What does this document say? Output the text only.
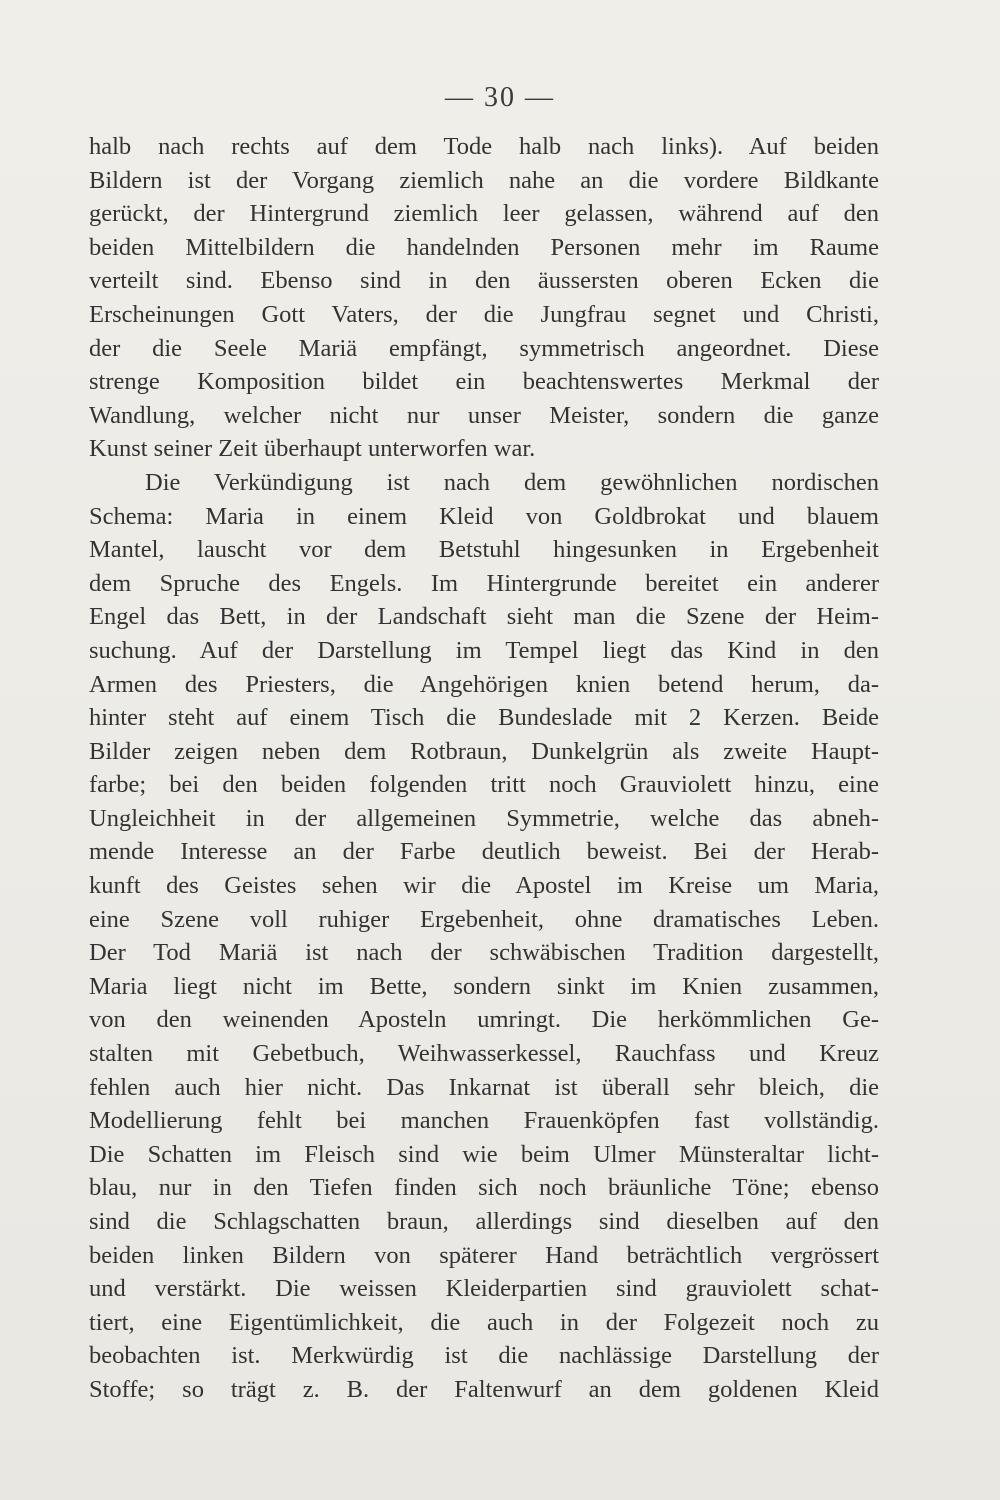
— 30 —
halb nach rechts auf dem Tode halb nach links). Auf beiden
Bildern ist der Vorgang ziemlich nahe an die vordere Bildkante
gerückt, der Hintergrund ziemlich leer gelassen, während auf den
beiden Mittelbildern die handelnden Personen mehr im Raume
verteilt sind. Ebenso sind in den äussersten oberen Ecken die
Erscheinungen Gott Vaters, der die Jungfrau segnet und Christi,
der die Seele Mariä empfängt, symmetrisch angeordnet. Diese
strenge Komposition bildet ein beachtenswertes Merkmal der
Wandlung, welcher nicht nur unser Meister, sondern die ganze
Kunst seiner Zeit überhaupt unterworfen war.
Die Verkündigung ist nach dem gewöhnlichen nordischen
Schema: Maria in einem Kleid von Goldbrokat und blauem
Mantel, lauscht vor dem Betstuhl hingesunken in Ergebenheit
dem Spruche des Engels. Im Hintergrunde bereitet ein anderer
Engel das Bett, in der Landschaft sieht man die Szene der Heim-
suchung. Auf der Darstellung im Tempel liegt das Kind in den
Armen des Priesters, die Angehörigen knien betend herum, da-
hinter steht auf einem Tisch die Bundeslade mit 2 Kerzen. Beide
Bilder zeigen neben dem Rotbraun, Dunkelgrün als zweite Haupt-
farbe; bei den beiden folgenden tritt noch Grauviolett hinzu, eine
Ungleichheit in der allgemeinen Symmetrie, welche das abneh-
mende Interesse an der Farbe deutlich beweist. Bei der Herab-
kunft des Geistes sehen wir die Apostel im Kreise um Maria,
eine Szene voll ruhiger Ergebenheit, ohne dramatisches Leben.
Der Tod Mariä ist nach der schwäbischen Tradition dargestellt,
Maria liegt nicht im Bette, sondern sinkt im Knien zusammen,
von den weinenden Aposteln umringt. Die herkömmlichen Ge-
stalten mit Gebetbuch, Weihwasserkessel, Rauchfass und Kreuz
fehlen auch hier nicht. Das Inkarnat ist überall sehr bleich, die
Modellierung fehlt bei manchen Frauenköpfen fast vollständig.
Die Schatten im Fleisch sind wie beim Ulmer Münsteraltar licht-
blau, nur in den Tiefen finden sich noch bräunliche Töne; ebenso
sind die Schlagschatten braun, allerdings sind dieselben auf den
beiden linken Bildern von späterer Hand beträchtlich vergrössert
und verstärkt. Die weissen Kleiderpartien sind grauviolett schat-
tiert, eine Eigentümlichkeit, die auch in der Folgezeit noch zu
beobachten ist. Merkwürdig ist die nachlässige Darstellung der
Stoffe; so trägt z. B. der Faltenwurf an dem goldenen Kleid
